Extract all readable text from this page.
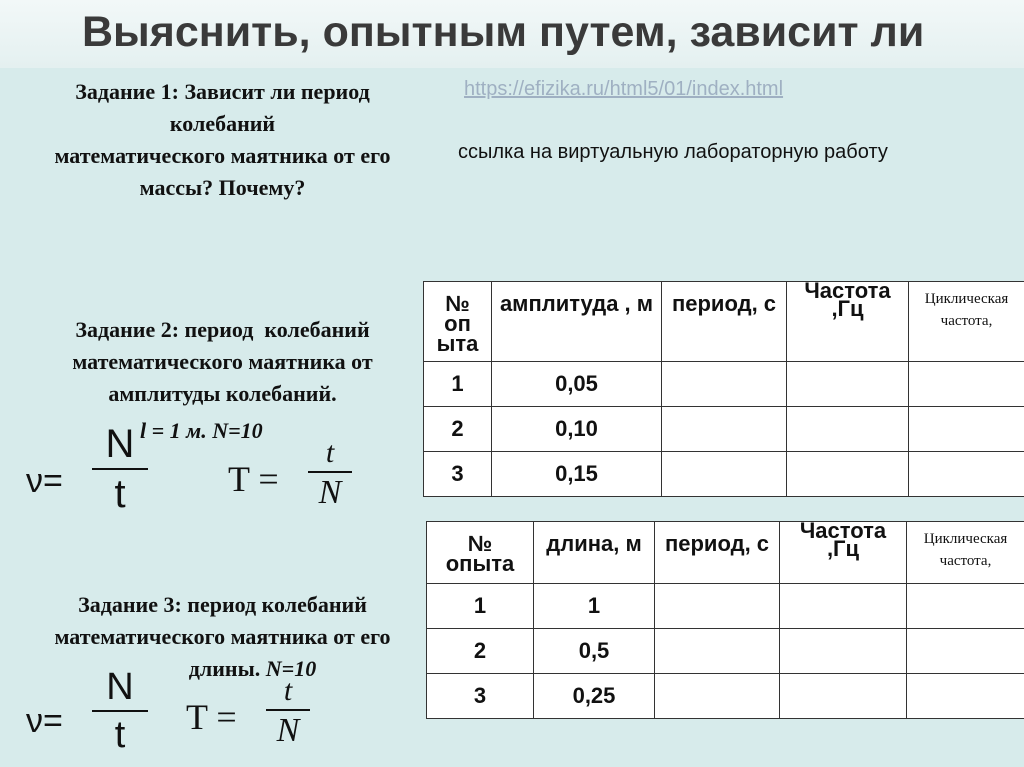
Выяснить, опытным путем, зависит ли
Задание 1: Зависит ли период
колебаний
математического маятника от его
массы? Почему?
https://efizika.ru/html5/01/index.html
ссылка на виртуальную лабораторную работу
Задание 2: период  колебаний
математического маятника от
амплитуды колебаний.
l = 1 м. N=10
ν=
N
t	T =
t
N
№ оп ыта	амплитуда , м	период, с	Частота ,Гц	Циклическая частота,
1	0,05			
2	0,10			
3	0,15			
№ опыта	длина, м	период, с	Частота ,Гц	Циклическая частота,
1	1			
2	0,5			
3	0,25			
Задание 3: период колебаний
математического маятника от его
длины. N=10
ν=
N
t T =
t
N
